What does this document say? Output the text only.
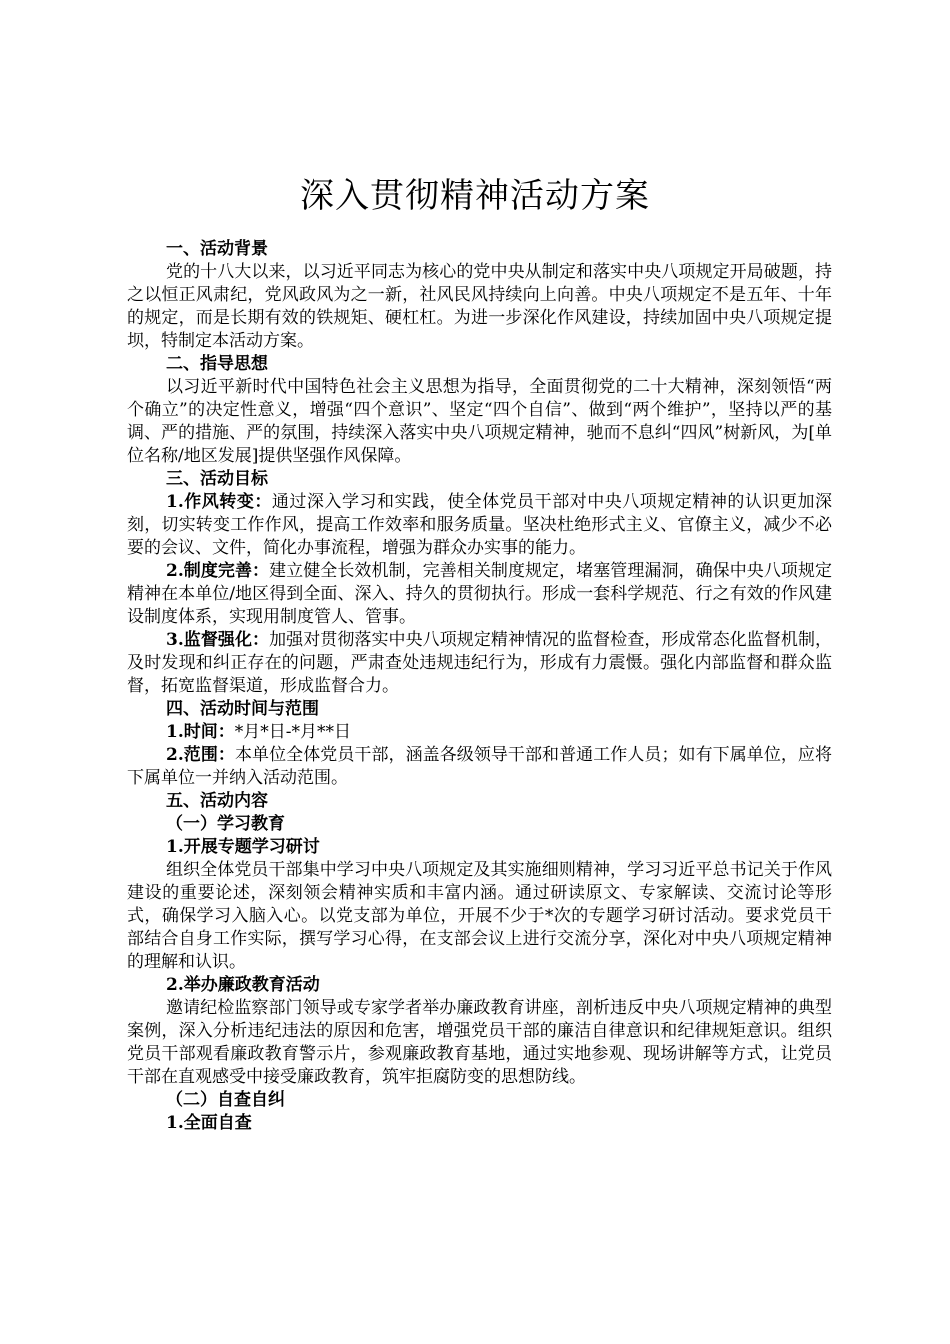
深入贯彻精神活动方案
一、活动背景
党的十八大以来，以习近平同志为核心的党中央从制定和落实中央八项规定开局破题，持之以恒正风肃纪，党风政风为之一新，社风民风持续向上向善。中央八项规定不是五年、十年的规定，而是长期有效的铁规矩、硬杠杠。为进一步深化作风建设，持续加固中央八项规定提坝，特制定本活动方案。
二、指导思想
以习近平新时代中国特色社会主义思想为指导，全面贯彻党的二十大精神，深刻领悟“两个确立”的决定性意义，增强“四个意识”、坚定“四个自信”、做到“两个维护”，坚持以严的基调、严的措施、严的氛围，持续深入落实中央八项规定精神，驰而不息纠“四风”树新风，为[单位名称/地区发展]提供坚强作风保障。
三、活动目标
1.作风转变：通过深入学习和实践，使全体党员干部对中央八项规定精神的认识更加深刻，切实转变工作作风，提高工作效率和服务质量。坚决杜绝形式主义、官僚主义，减少不必要的会议、文件，简化办事流程，增强为群众办实事的能力。
2.制度完善：建立健全长效机制，完善相关制度规定，堵塞管理漏洞，确保中央八项规定精神在本单位/地区得到全面、深入、持久的贯彻执行。形成一套科学规范、行之有效的作风建设制度体系，实现用制度管人、管事。
3.监督强化：加强对贯彻落实中央八项规定精神情况的监督检查，形成常态化监督机制，及时发现和纠正存在的问题，严肃查处违规违纪行为，形成有力震慑。强化内部监督和群众监督，拓宽监督渠道，形成监督合力。
四、活动时间与范围
1.时间：*月*日-*月**日
2.范围：本单位全体党员干部，涵盖各级领导干部和普通工作人员；如有下属单位，应将下属单位一并纳入活动范围。
五、活动内容
（一）学习教育
1.开展专题学习研讨
组织全体党员干部集中学习中央八项规定及其实施细则精神，学习习近平总书记关于作风建设的重要论述，深刻领会精神实质和丰富内涵。通过研读原文、专家解读、交流讨论等形式，确保学习入脑入心。以党支部为单位，开展不少于*次的专题学习研讨活动。要求党员干部结合自身工作实际，撰写学习心得，在支部会议上进行交流分享，深化对中央八项规定精神的理解和认识。
2.举办廉政教育活动
邀请纪检监察部门领导或专家学者举办廉政教育讲座，剖析违反中央八项规定精神的典型案例，深入分析违纪违法的原因和危害，增强党员干部的廉洁自律意识和纪律规矩意识。组织党员干部观看廉政教育警示片，参观廉政教育基地，通过实地参观、现场讲解等方式，让党员干部在直观感受中接受廉政教育，筑牢拒腐防变的思想防线。
（二）自查自纠
1.全面自查
